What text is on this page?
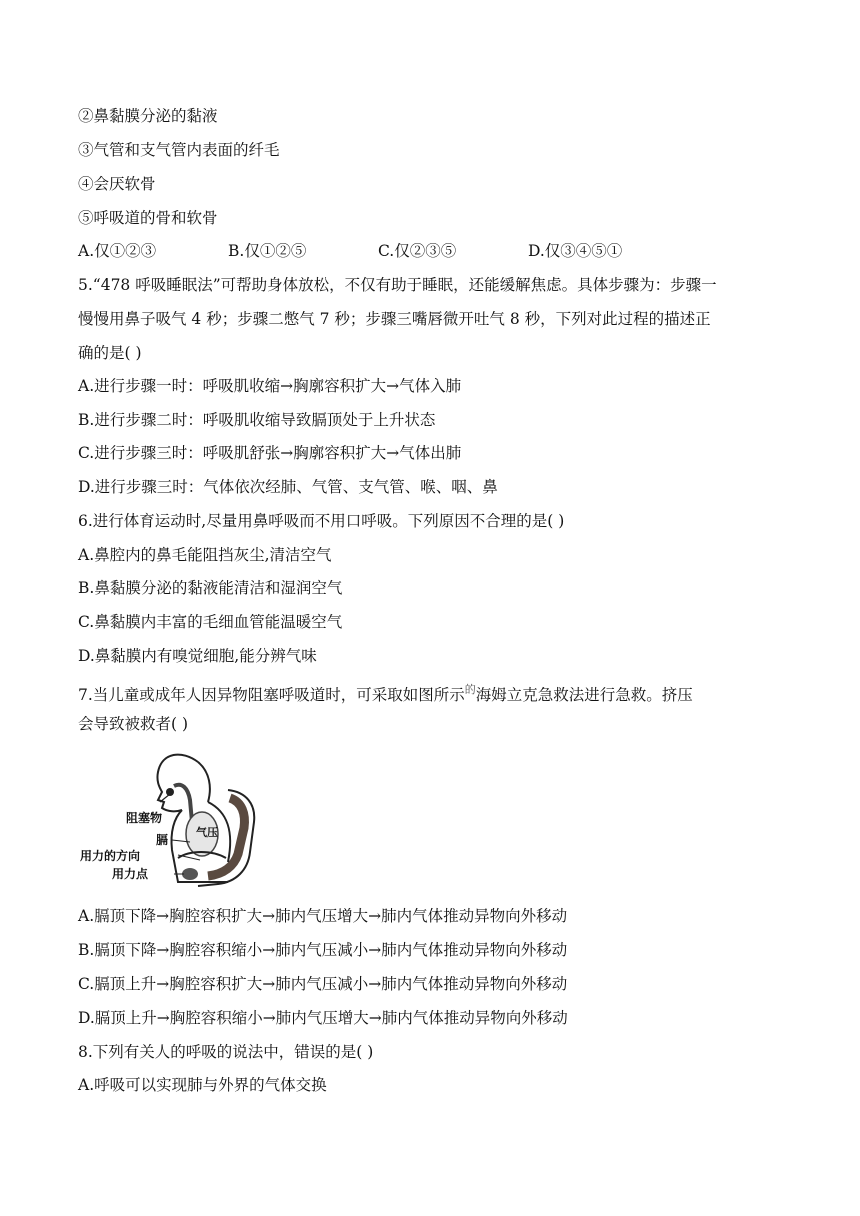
②鼻黏膜分泌的黏液
③气管和支气管内表面的纤毛
④会厌软骨
⑤呼吸道的骨和软骨
A.仅①②③	B.仅①②⑤	C.仅②③⑤	D.仅③④⑤①
5.“478 呼吸睡眠法”可帮助身体放松，不仅有助于睡眠，还能缓解焦虑。具体步骤为：步骤一
慢慢用鼻子吸气 4 秒；步骤二憋气 7 秒；步骤三嘴唇微开吐气 8 秒，下列对此过程的描述正
确的是( )
A.进行步骤一时：呼吸肌收缩→胸廓容积扩大→气体入肺
B.进行步骤二时：呼吸肌收缩导致膈顶处于上升状态
C.进行步骤三时：呼吸肌舒张→胸廓容积扩大→气体出肺
D.进行步骤三时：气体依次经肺、气管、支气管、喉、咽、鼻
6.进行体育运动时,尽量用鼻呼吸而不用口呼吸。下列原因不合理的是( )
A.鼻腔内的鼻毛能阻挡灰尘,清洁空气
B.鼻黏膜分泌的黏液能清洁和湿润空气
C.鼻黏膜内丰富的毛细血管能温暖空气
D.鼻黏膜内有嗅觉细胞,能分辨气味
7.当儿童或成年人因异物阻塞呼吸道时，可采取如图所示$^的$海姆立克急救法进行急救。挤压
会导致被救者( )
阻塞物
气压
膈
用力的方向
用力点
A.膈顶下降→胸腔容积扩大→肺内气压增大→肺内气体推动异物向外移动
B.膈顶下降→胸腔容积缩小→肺内气压减小→肺内气体推动异物向外移动
C.膈顶上升→胸腔容积扩大→肺内气压减小→肺内气体推动异物向外移动
D.膈顶上升→胸腔容积缩小→肺内气压增大→肺内气体推动异物向外移动
8.下列有关人的呼吸的说法中，错误的是( )
A.呼吸可以实现肺与外界的气体交换
